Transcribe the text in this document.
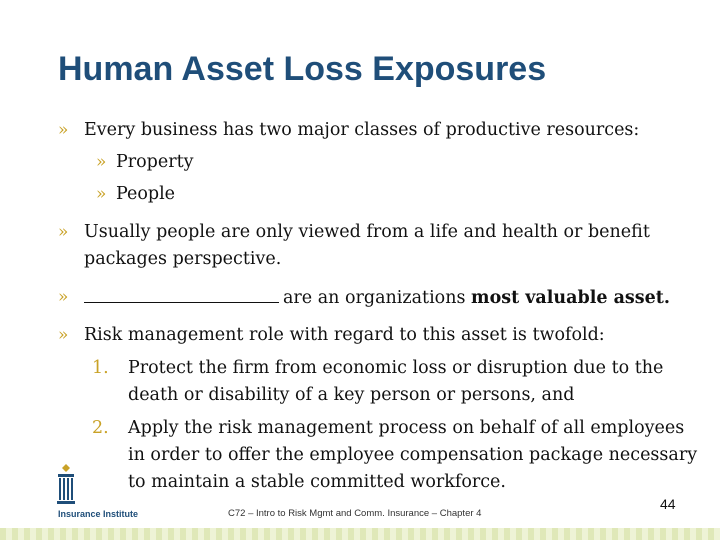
Human Asset Loss Exposures
» Every business has two major classes of productive resources:
» Property
» People
» Usually people are only viewed from a life and health or benefit
packages perspective.
»	are an organizations most valuable asset.
» Risk management role with regard to this asset is twofold:
1. Protect the firm from economic loss or disruption due to the
death or disability of a key person or persons, and
2. Apply the risk management process on behalf of all employees
in order to offer the employee compensation package necessary
to maintain a stable committed workforce.
Insurance Institute	C72 – Intro to Risk Mgmt and Comm. Insurance – Chapter 4
44
